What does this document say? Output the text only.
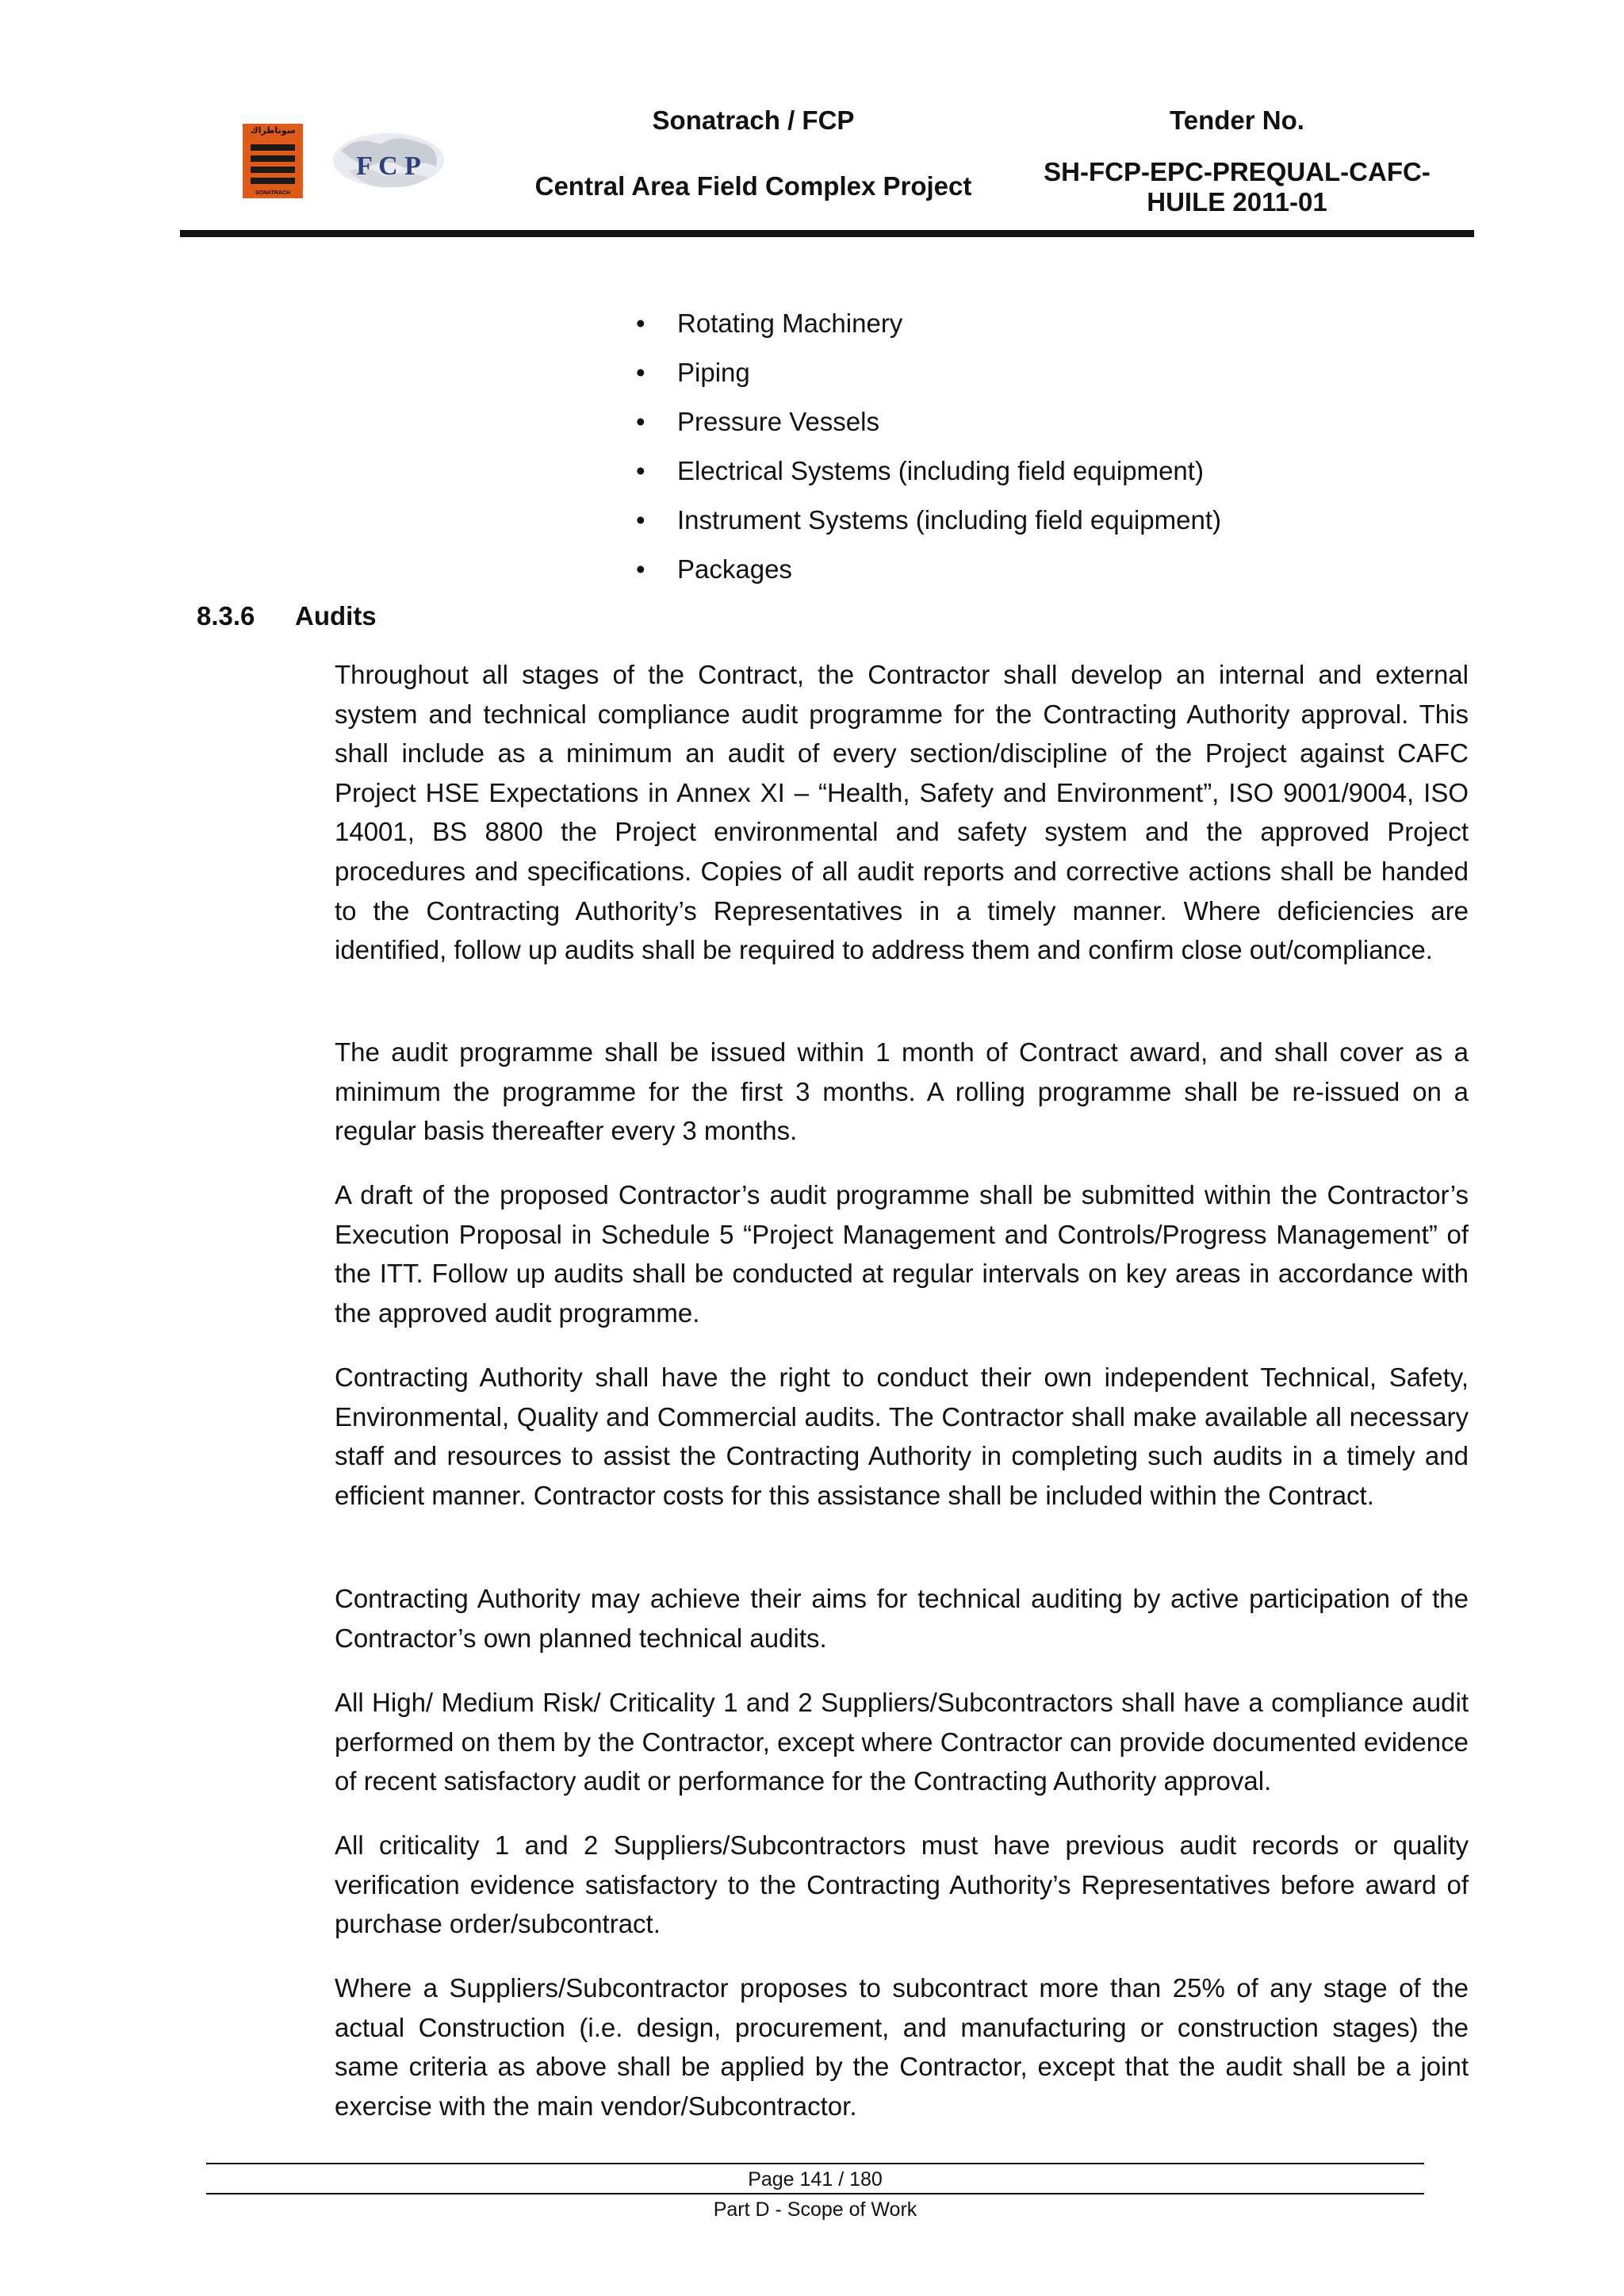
سوناطراك
SONATRACH
F C P
Sonatrach / FCP
Central Area Field Complex Project
Tender No.
SH-FCP-EPC-PREQUAL-CAFC-
HUILE 2011-01
• Rotating Machinery
• Piping
• Pressure Vessels
• Electrical Systems (including field equipment)
• Instrument Systems (including field equipment)
• Packages
8.3.6 Audits
Throughout all stages of the Contract, the Contractor shall develop an internal and external system and technical compliance audit programme for the Contracting Authority approval. This shall include as a minimum an audit of every section/discipline of the Project against CAFC Project HSE Expectations in Annex XI – “Health, Safety and Environment”, ISO 9001/9004, ISO 14001, BS 8800 the Project environmental and safety system and the approved Project procedures and specifications. Copies of all audit reports and corrective actions shall be handed to the Contracting Authority’s Representatives in a timely manner. Where deficiencies are identified, follow up audits shall be required to address them and confirm close out/compliance.
The audit programme shall be issued within 1 month of Contract award, and shall cover as a minimum the programme for the first 3 months. A rolling programme shall be re-issued on a regular basis thereafter every 3 months.
A draft of the proposed Contractor’s audit programme shall be submitted within the Contractor’s Execution Proposal in Schedule 5 “Project Management and Controls/Progress Management” of the ITT. Follow up audits shall be conducted at regular intervals on key areas in accordance with the approved audit programme.
Contracting Authority shall have the right to conduct their own independent Technical, Safety, Environmental, Quality and Commercial audits. The Contractor shall make available all necessary staff and resources to assist the Contracting Authority in completing such audits in a timely and efficient manner. Contractor costs for this assistance shall be included within the Contract.
Contracting Authority may achieve their aims for technical auditing by active participation of the Contractor’s own planned technical audits.
All High/ Medium Risk/ Criticality 1 and 2 Suppliers/Subcontractors shall have a compliance audit performed on them by the Contractor, except where Contractor can provide documented evidence of recent satisfactory audit or performance for the Contracting Authority approval.
All criticality 1 and 2 Suppliers/Subcontractors must have previous audit records or quality verification evidence satisfactory to the Contracting Authority’s Representatives before award of purchase order/subcontract.
Where a Suppliers/Subcontractor proposes to subcontract more than 25% of any stage of the actual Construction (i.e. design, procurement, and manufacturing or construction stages) the same criteria as above shall be applied by the Contractor, except that the audit shall be a joint exercise with the main vendor/Subcontractor.
Page 141 / 180
Part D - Scope of Work
